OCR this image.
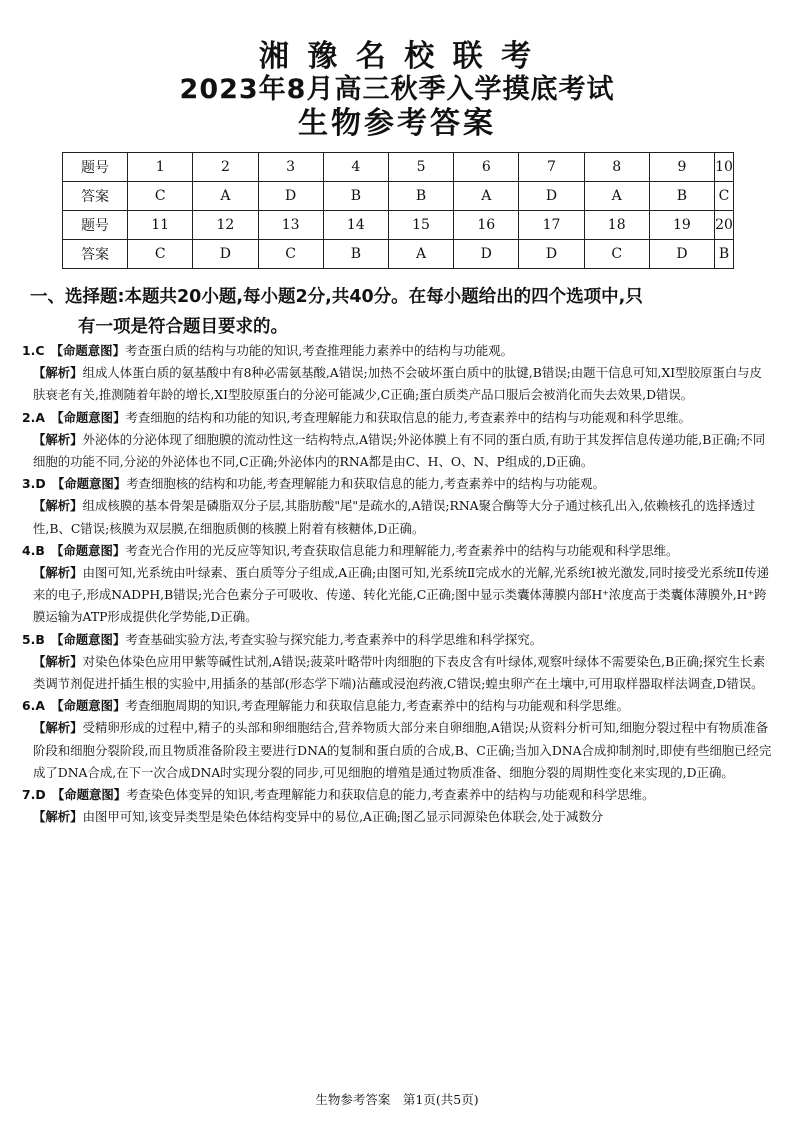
湘 豫 名 校 联 考
2023年8月高三秋季入学摸底考试
生物参考答案
题号	1	2	3	4	5	6	7	8	9	10
答案	C	A	D	B	B	A	D	A	B	C
题号	11	12	13	14	15	16	17	18	19	20
答案	C	D	C	B	A	D	D	C	D	B
一、选择题:本题共20小题,每小题2分,共40分。在每小题给出的四个选项中,只
有一项是符合题目要求的。

1.C　 【命题意图】考查蛋白质的结构与功能的知识,考查推理能力素养中的结构与功能观。

【解析】组成人体蛋白质的氨基酸中有8种必需氨基酸,A错误;加热不会破坏蛋白质中的肽键,B错误;由题干信息可知,XI型胶原蛋白与皮肤衰老有关,推测随着年龄的增长,XI型胶原蛋白的分泌可能减少,C正确;蛋白质类产品口服后会被消化而失去效果,D错误。

2.A　 【命题意图】考查细胞的结构和功能的知识,考查理解能力和获取信息的能力,考查素养中的结构与功能观和科学思维。

【解析】外泌体的分泌体现了细胞膜的流动性这一结构特点,A错误;外泌体膜上有不同的蛋白质,有助于其发挥信息传递功能,B正确;不同细胞的功能不同,分泌的外泌体也不同,C正确;外泌体内的RNA都是由C、H、O、N、P组成的,D正确。

3.D　 【命题意图】考查细胞核的结构和功能,考查理解能力和获取信息的能力,考查素养中的结构与功能观。

【解析】组成核膜的基本骨架是磷脂双分子层,其脂肪酸"尾"是疏水的,A错误;RNA聚合酶等大分子通过核孔出入,依赖核孔的选择透过性,B、C错误;核膜为双层膜,在细胞质侧的核膜上附着有核糖体,D正确。

4.B　 【命题意图】考查光合作用的光反应等知识,考查获取信息能力和理解能力,考查素养中的结构与功能观和科学思维。

【解析】由图可知,光系统由叶绿素、蛋白质等分子组成,A正确;由图可知,光系统Ⅱ完成水的光解,光系统Ⅰ被光激发,同时接受光系统Ⅱ传递来的电子,形成NADPH,B错误;光合色素分子可吸收、传递、转化光能,C正确;图中显示类囊体薄膜内部H⁺浓度高于类囊体薄膜外,H⁺跨膜运输为ATP形成提供化学势能,D正确。

5.B　 【命题意图】考查基础实验方法,考查实验与探究能力,考查素养中的科学思维和科学探究。

【解析】对染色体染色应用甲紫等碱性试剂,A错误;菠菜叶略带叶肉细胞的下表皮含有叶绿体,观察叶绿体不需要染色,B正确;探究生长素类调节剂促进扦插生根的实验中,用插条的基部(形态学下端)沾蘸或浸泡药液,C错误;蝗虫卵产在土壤中,可用取样器取样法调查,D错误。

6.A　 【命题意图】考查细胞周期的知识,考查理解能力和获取信息能力,考查素养中的结构与功能观和科学思维。

【解析】受精卵形成的过程中,精子的头部和卵细胞结合,营养物质大部分来自卵细胞,A错误;从资料分析可知,细胞分裂过程中有物质准备阶段和细胞分裂阶段,而且物质准备阶段主要进行DNA的复制和蛋白质的合成,B、C正确;当加入DNA合成抑制剂时,即使有些细胞已经完成了DNA合成,在下一次合成DNA时实现分裂的同步,可见细胞的增殖是通过物质准备、细胞分裂的周期性变化来实现的,D正确。

7.D　 【命题意图】考查染色体变异的知识,考查理解能力和获取信息的能力,考查素养中的结构与功能观和科学思维。

【解析】由图甲可知,该变异类型是染色体结构变异中的易位,A正确;图乙显示同源染色体联会,处于减数分

生物参考答案　第1页(共5页)
